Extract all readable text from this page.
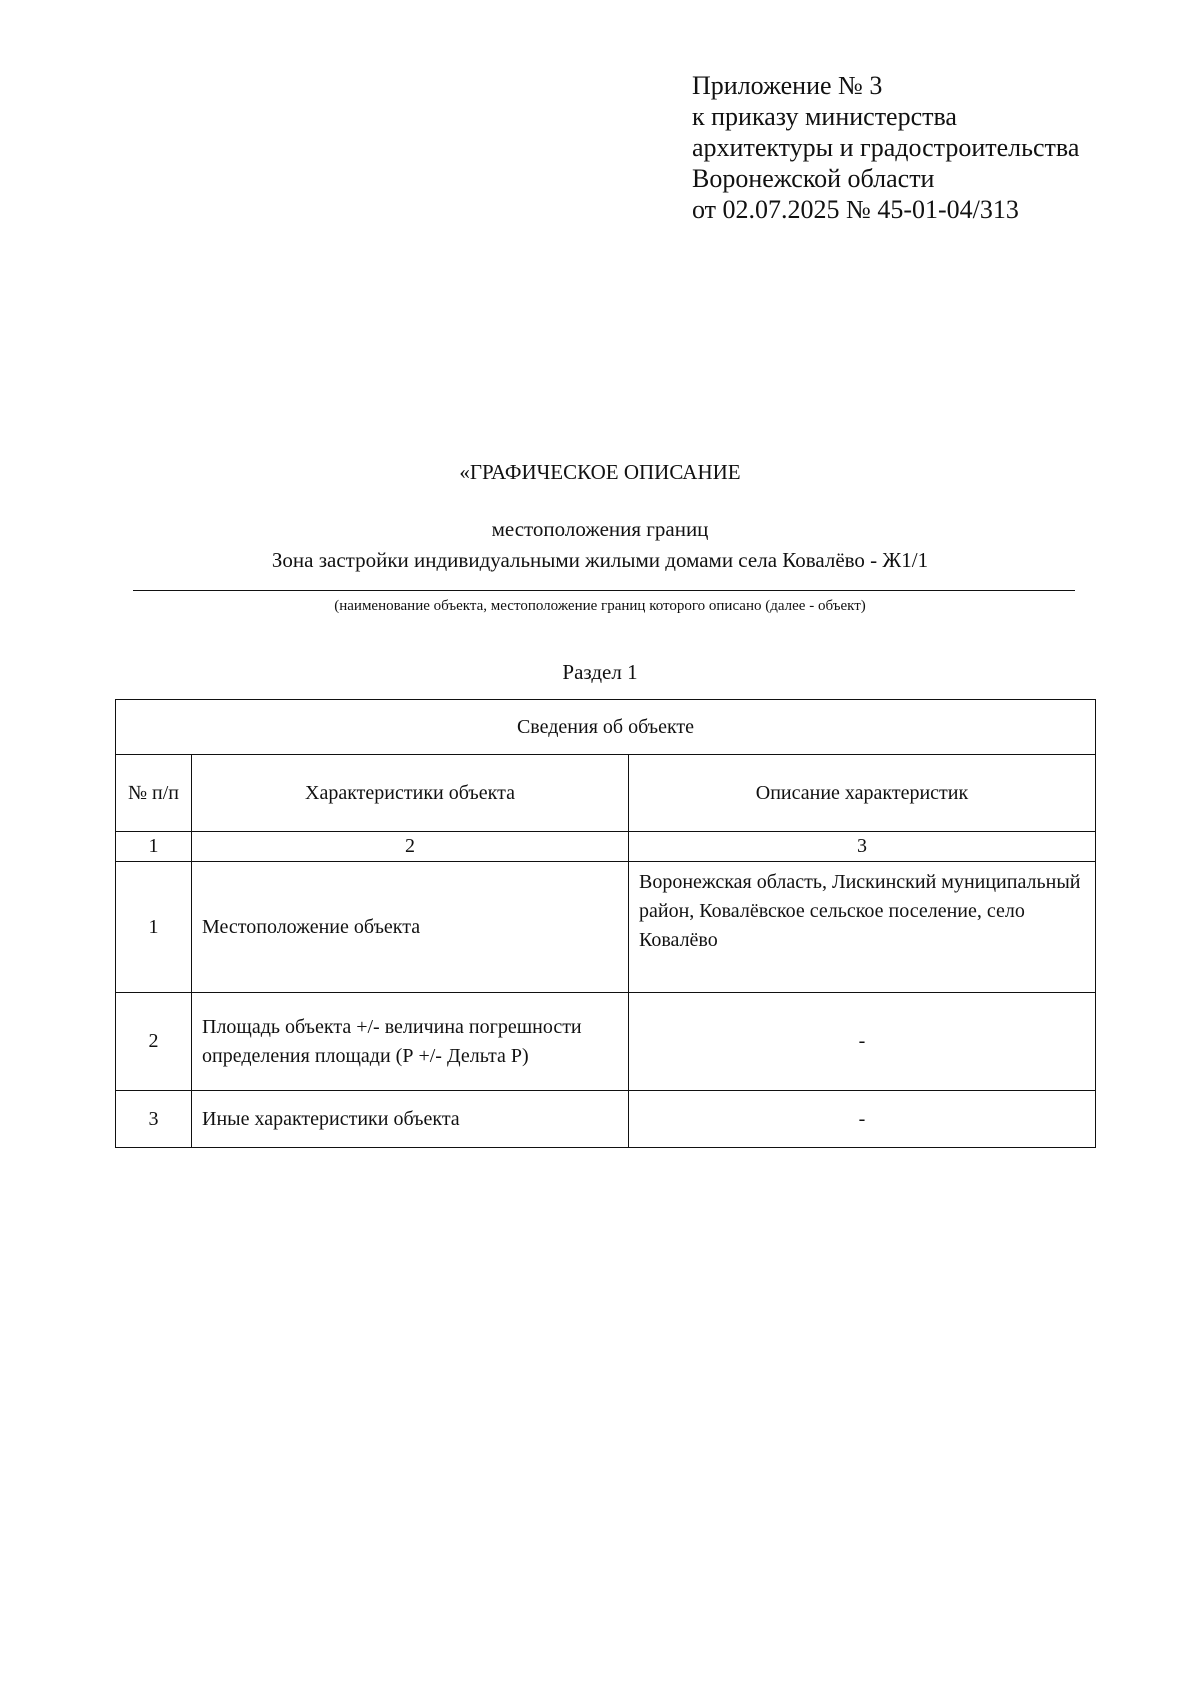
Приложение № 3
к приказу министерства
архитектуры и градостроительства
Воронежской области
от 02.07.2025 № 45-01-04/313
«ГРАФИЧЕСКОЕ ОПИСАНИЕ
местоположения границ
Зона застройки индивидуальными жилыми домами села Ковалёво - Ж1/1
(наименование объекта, местоположение границ которого описано (далее - объект)
Раздел 1
Сведения об объекте		
№ п/п	Характеристики объекта	Описание характеристик
1	2	3
1	Местоположение объекта	Воронежская область, Лискинский муниципальный район, Ковалёвское сельское поселение, село Ковалёво
2	Площадь объекта +/- величина погрешности определения площади (Р +/- Дельта Р)	-
3	Иные характеристики объекта	-
